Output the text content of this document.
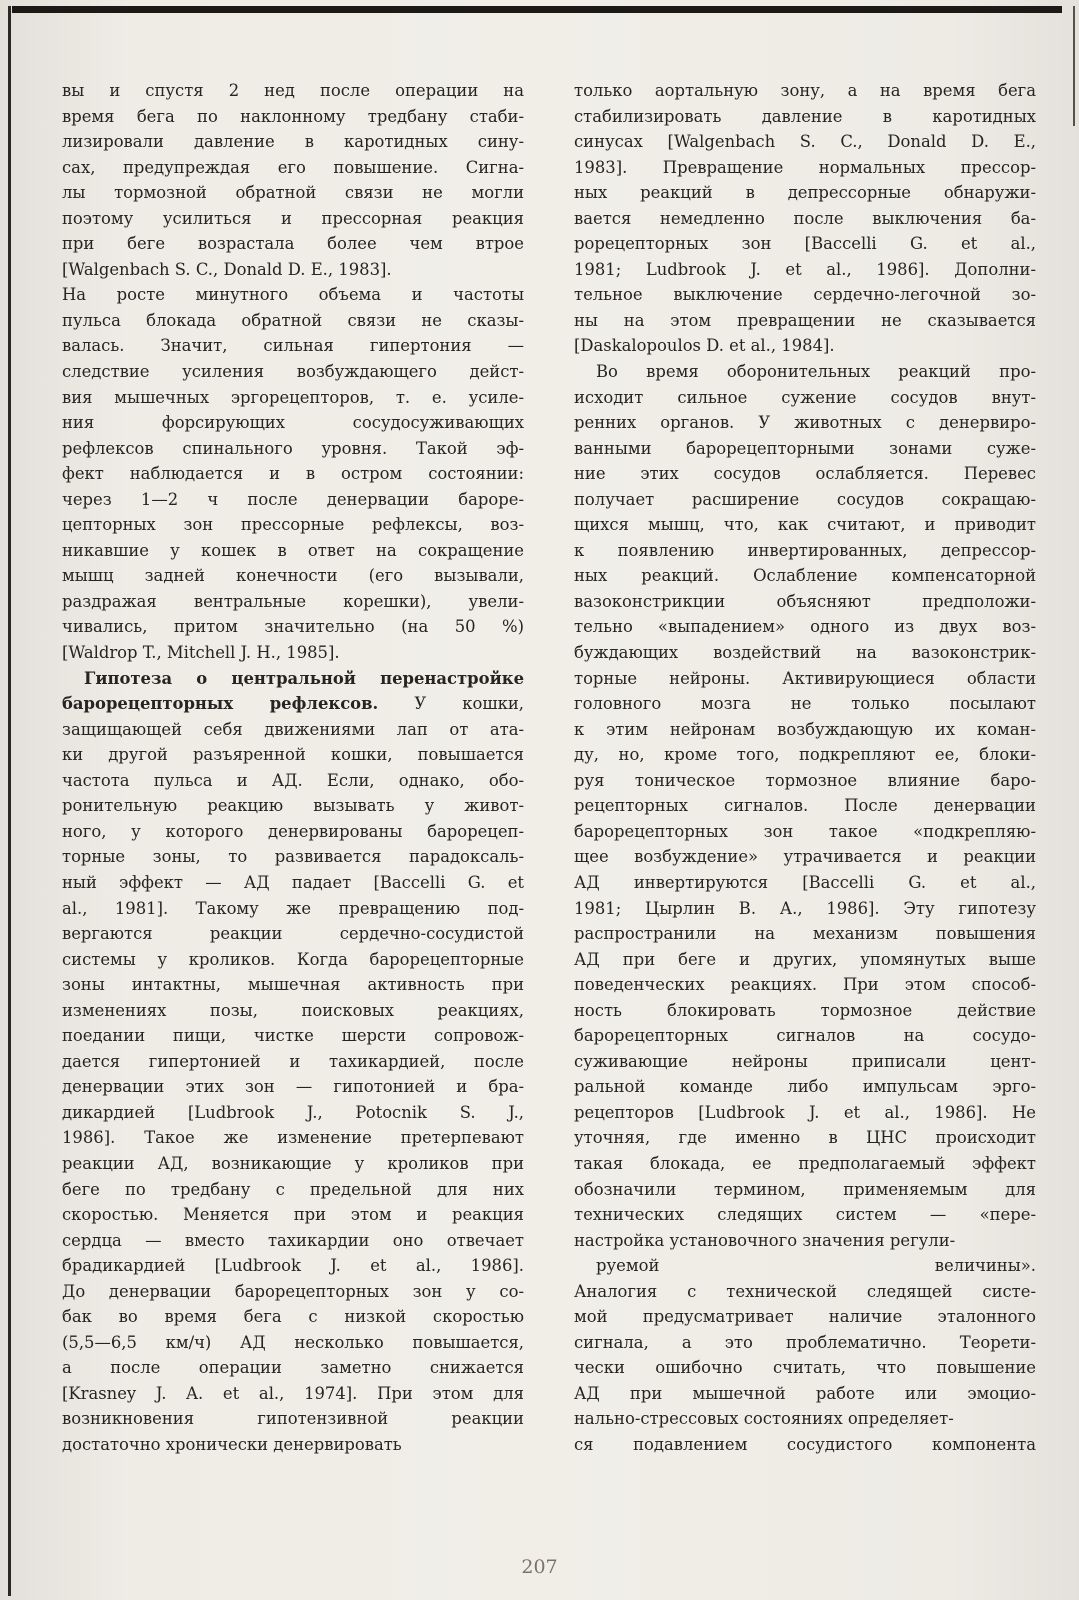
вы и спустя 2 нед после операции на
время бега по наклонному тредбану стаби-
лизировали давление в каротидных сину-
сах, предупреждая его повышение. Сигна-
лы тормозной обратной связи не могли
поэтому усилиться и прессорная реакция
при беге возрастала более чем втрое
[Walgenbach S. C., Donald D. E., 1983].
На росте минутного объема и частоты
пульса блокада обратной связи не сказы-
валась. Значит, сильная гипертония —
следствие усиления возбуждающего дейст-
вия мышечных эргорецепторов, т. е. усиле-
ния форсирующих сосудосуживающих
рефлексов спинального уровня. Такой эф-
фект наблюдается и в остром состоянии:
через 1—2 ч после денервации бароре-
цепторных зон прессорные рефлексы, воз-
никавшие у кошек в ответ на сокращение
мышц задней конечности (его вызывали,
раздражая вентральные корешки), увели-
чивались, притом значительно (на 50 %)
[Waldrop T., Mitchell J. H., 1985].
Гипотеза о центральной перенастройке
барорецепторных рефлексов. У кошки,
защищающей себя движениями лап от ата-
ки другой разъяренной кошки, повышается
частота пульса и АД. Если, однако, обо-
ронительную реакцию вызывать у живот-
ного, у которого денервированы барорецеп-
торные зоны, то развивается парадоксаль-
ный эффект — АД падает [Baccelli G. et
al., 1981]. Такому же превращению под-
вергаются реакции сердечно-сосудистой
системы у кроликов. Когда барорецепторные
зоны интактны, мышечная активность при
изменениях позы, поисковых реакциях,
поедании пищи, чистке шерсти сопровож-
дается гипертонией и тахикардией, после
денервации этих зон — гипотонией и бра-
дикардией [Ludbrook J., Potocnik S. J.,
1986]. Такое же изменение претерпевают
реакции АД, возникающие у кроликов при
беге по тредбану с предельной для них
скоростью. Меняется при этом и реакция
сердца — вместо тахикардии оно отвечает
брадикардией [Ludbrook J. et al., 1986].
До денервации барорецепторных зон у со-
бак во время бега с низкой скоростью
(5,5—6,5 км/ч) АД несколько повышается,
а после операции заметно снижается
[Krasney J. A. et al., 1974]. При этом для
возникновения гипотензивной реакции
достаточно хронически денервировать
только аортальную зону, а на время бега
стабилизировать давление в каротидных
синусах [Walgenbach S. C., Donald D. E.,
1983]. Превращение нормальных прессор-
ных реакций в депрессорные обнаружи-
вается немедленно после выключения ба-
рорецепторных зон [Baccelli G. et al.,
1981; Ludbrook J. et al., 1986]. Дополни-
тельное выключение сердечно-легочной зо-
ны на этом превращении не сказывается
[Daskalopoulos D. et al., 1984].
Во время оборонительных реакций про-
исходит сильное сужение сосудов внут-
ренних органов. У животных с денервиро-
ванными барорецепторными зонами суже-
ние этих сосудов ослабляется. Перевес
получает расширение сосудов сокращаю-
щихся мышц, что, как считают, и приводит
к появлению инвертированных, депрессор-
ных реакций. Ослабление компенсаторной
вазоконстрикции объясняют предположи-
тельно «выпадением» одного из двух воз-
буждающих воздействий на вазоконстрик-
торные нейроны. Активирующиеся области
головного мозга не только посылают
к этим нейронам возбуждающую их коман-
ду, но, кроме того, подкрепляют ее, блоки-
руя тоническое тормозное влияние баро-
рецепторных сигналов. После денервации
барорецепторных зон такое «подкрепляю-
щее возбуждение» утрачивается и реакции
АД инвертируются [Baccelli G. et al.,
1981; Цырлин В. А., 1986]. Эту гипотезу
распространили на механизм повышения
АД при беге и других, упомянутых выше
поведенческих реакциях. При этом способ-
ность блокировать тормозное действие
барорецепторных сигналов на сосудо-
суживающие нейроны приписали цент-
ральной команде либо импульсам эрго-
рецепторов [Ludbrook J. et al., 1986]. Не
уточняя, где именно в ЦНС происходит
такая блокада, ее предполагаемый эффект
обозначили термином, применяемым для
технических следящих систем — «пере-
настройка установочного значения регули-
руемой величины».
Аналогия с технической следящей систе-
мой предусматривает наличие эталонного
сигнала, а это проблематично. Теорети-
чески ошибочно считать, что повышение
АД при мышечной работе или эмоцио-
нально-стрессовых состояниях определяет-
ся подавлением сосудистого компонента
207
